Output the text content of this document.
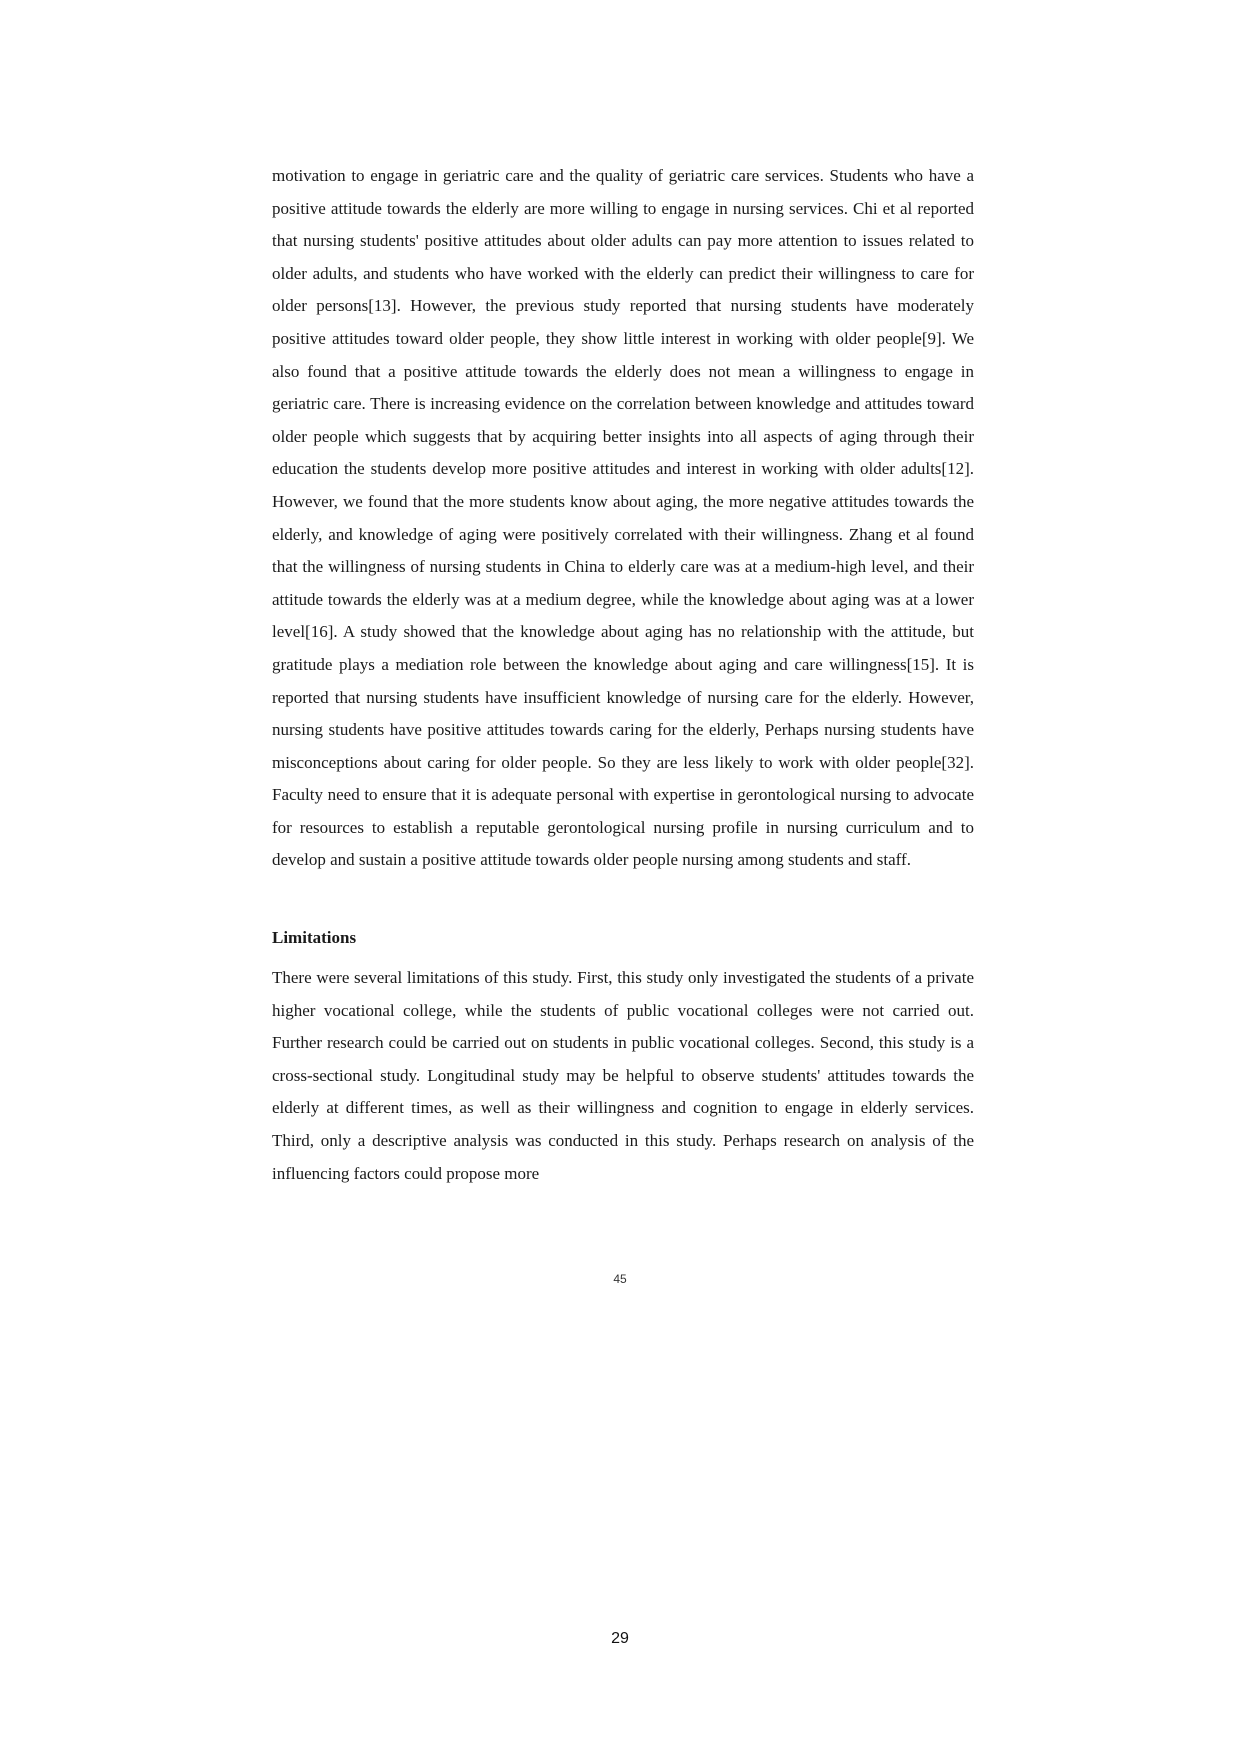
motivation to engage in geriatric care and the quality of geriatric care services. Students who have a positive attitude towards the elderly are more willing to engage in nursing services. Chi et al reported that nursing students' positive attitudes about older adults can pay more attention to issues related to older adults, and students who have worked with the elderly can predict their willingness to care for older persons[13]. However, the previous study reported that nursing students have moderately positive attitudes toward older people, they show little interest in working with older people[9]. We also found that a positive attitude towards the elderly does not mean a willingness to engage in geriatric care. There is increasing evidence on the correlation between knowledge and attitudes toward older people which suggests that by acquiring better insights into all aspects of aging through their education the students develop more positive attitudes and interest in working with older adults[12]. However, we found that the more students know about aging, the more negative attitudes towards the elderly, and knowledge of aging were positively correlated with their willingness. Zhang et al found that the willingness of nursing students in China to elderly care was at a medium-high level, and their attitude towards the elderly was at a medium degree, while the knowledge about aging was at a lower level[16]. A study showed that the knowledge about aging has no relationship with the attitude, but gratitude plays a mediation role between the knowledge about aging and care willingness[15]. It is reported that nursing students have insufficient knowledge of nursing care for the elderly. However, nursing students have positive attitudes towards caring for the elderly, Perhaps nursing students have misconceptions about caring for older people. So they are less likely to work with older people[32]. Faculty need to ensure that it is adequate personal with expertise in gerontological nursing to advocate for resources to establish a reputable gerontological nursing profile in nursing curriculum and to develop and sustain a positive attitude towards older people nursing among students and staff.

Limitations

There were several limitations of this study. First, this study only investigated the students of a private higher vocational college, while the students of public vocational colleges were not carried out. Further research could be carried out on students in public vocational colleges. Second, this study is a cross-sectional study. Longitudinal study may be helpful to observe students' attitudes towards the elderly at different times, as well as their willingness and cognition to engage in elderly services. Third, only a descriptive analysis was conducted in this study. Perhaps research on analysis of the influencing factors could propose more

45
29
